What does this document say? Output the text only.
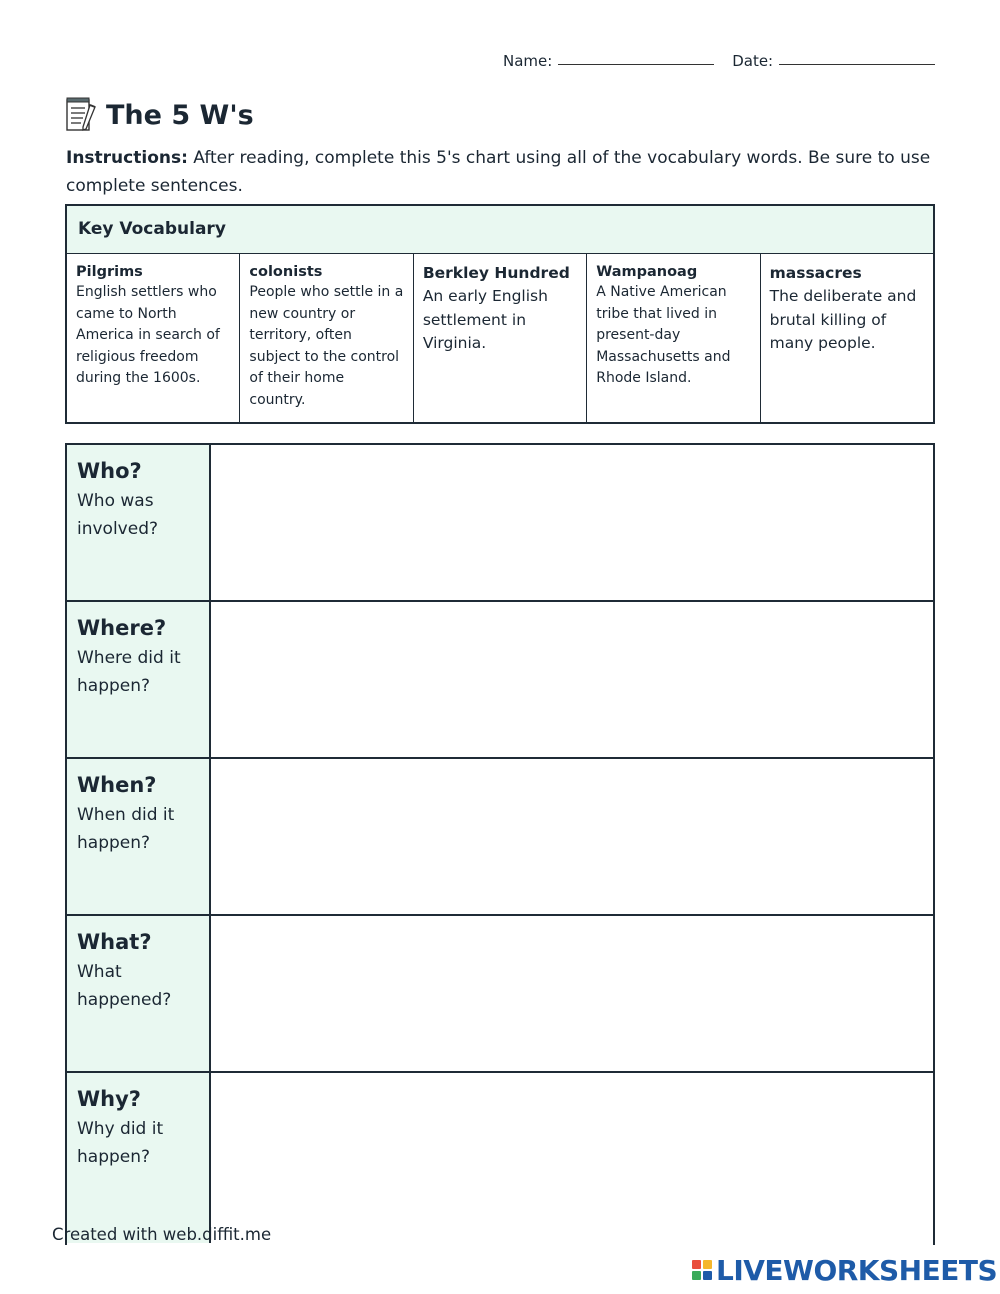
Name:	Date:
The 5 W's
Instructions: After reading, complete this 5's chart using all of the vocabulary words. Be sure to use complete sentences.
Key Vocabulary
Pilgrims
English settlers who came to North America in search of religious freedom during the 1600s.
colonists
People who settle in a new country or territory, often subject to the control of their home country.
Berkley Hundred
An early English settlement in Virginia.
Wampanoag
A Native American tribe that lived in present-day Massachusetts and Rhode Island.
massacres
The deliberate and brutal killing of many people.
Who?
Who was involved?
Where?
Where did it happen?
When?
When did it happen?
What?
What happened?
Why?
Why did it happen?
Created with web.diffit.me
LIVEWORKSHEETS
